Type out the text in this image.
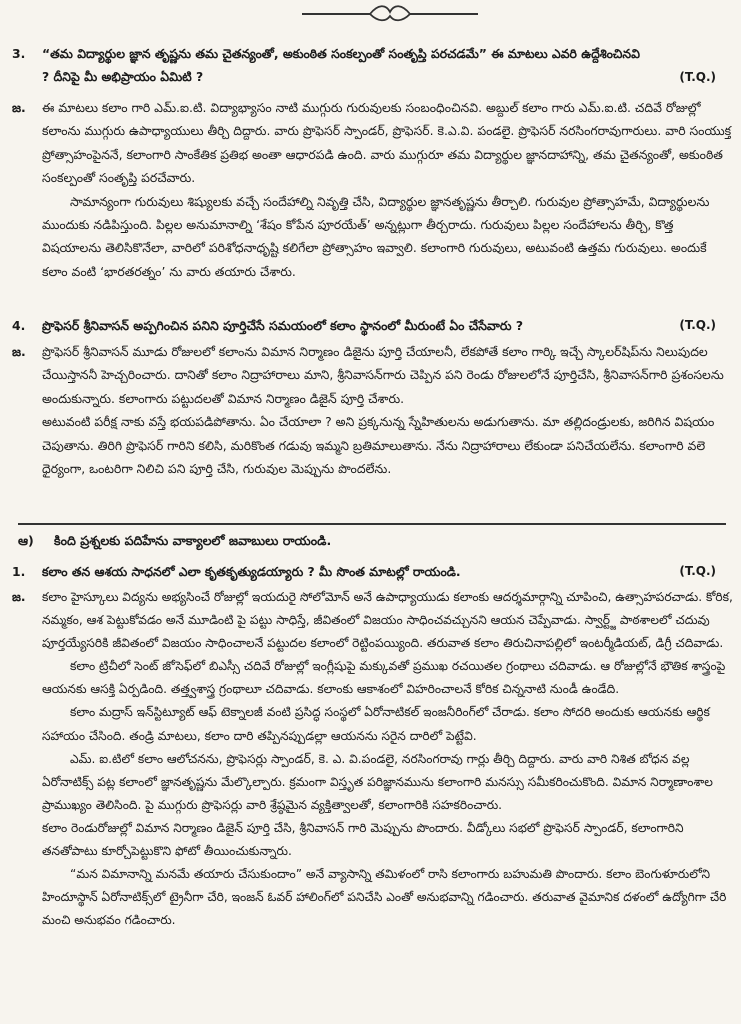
3.	“తమ విద్యార్థుల జ్ఞాన తృష్ణను తమ చైతన్యంతో, అకుంఠిత సంకల్పంతో సంతృప్తి పరచడమే” ఈ మాటలు ఎవరి ఉద్దేశించినవి ? దీనిపై మీ అభిప్రాయం ఏమిటి ?	(T.Q.)
జ.	ఈ మాటలు కలాం గారి ఎమ్.ఐ.టి. విద్యాభ్యాసం నాటి ముగ్గురు గురువులకు సంబంధించినవి. అబ్దుల్ కలాం గారు ఎమ్.ఐ.టి. చదివే రోజుల్లో కలాంను ముగ్గురు ఉపాధ్యాయులు తీర్చి దిద్దారు. వారు ప్రొఫెసర్ స్పాండర్, ప్రొఫెసర్. కె.ఎ.వి. పండలై. ప్రొఫెసర్ నరసింగరావుగారులు. వారి సంయుక్త ప్రోత్సాహంపైననే, కలాంగారి సాంకేతిక ప్రతిభ అంతా ఆధారపడి ఉంది. వారు ముగ్గురూ తమ విద్యార్థుల జ్ఞానదాహాన్ని, తమ చైతన్యంతో, అకుంఠిత సంకల్పంతో సంతృప్తి పరచేవారు.

సామాన్యంగా గురువులు శిష్యులకు వచ్చే సందేహాల్ని నివృత్తి చేసి, విద్యార్థుల జ్ఞానతృష్ణను తీర్చాలి. గురువుల ప్రోత్సాహమే, విద్యార్థులను ముందుకు నడిపిస్తుంది. పిల్లల అనుమానాల్ని ‘శేషం కోపేన పూరయేత్’ అన్నట్లుగా తీర్చరాదు. గురువులు పిల్లల సందేహాలను తీర్చి, కొత్త విషయాలను తెలిసికొనేలా, వారిలో పరిశోధనాధృష్టి కలిగేలా ప్రోత్సాహం ఇవ్వాలి. కలాంగారి గురువులు, అటువంటి ఉత్తమ గురువులు. అందుకే కలాం వంటి ‘భారతరత్నం’ ను వారు తయారు చేశారు.

4.	ప్రొఫెసర్ శ్రీనివాసన్ అప్పగించిన పనిని పూర్తిచేసే సమయంలో కలాం స్థానంలో మీరుంటే ఏం చేసేవారు ?	(T.Q.)
జ.	ప్రొఫెసర్ శ్రీనివాసన్ మూడు రోజులలో కలాంను విమాన నిర్మాణం డిజైను పూర్తి చేయాలనీ, లేకపోతే కలాం గార్కి ఇచ్చే స్కాలర్‌షిప్‌ను నిలుపుదల చేయిస్తాననీ హెచ్చరించారు. దానితో కలాం నిద్రాహారాలు మాని, శ్రీనివాసన్‌గారు చెప్పిన పని రెండు రోజులలోనే పూర్తిచేసి, శ్రీనివాసన్‌గారి ప్రశంసలను అందుకున్నారు. కలాంగారు పట్టుదలతో విమాన నిర్మాణం డిజైన్ పూర్తి చేశారు.

అటువంటి పరీక్ష నాకు వస్తే భయపడిపోతాను. ఏం చేయాలా ? అని ప్రక్కనున్న స్నేహితులను అడుగుతాను. మా తల్లిదండ్రులకు, జరిగిన విషయం చెపుతాను. తిరిగి ప్రొఫెసర్ గారిని కలిసి, మరికొంత గడువు ఇమ్మని బ్రతిమాలుతాను. నేను నిద్రాహారాలు లేకుండా పనిచేయలేను. కలాంగారి వలె ధైర్యంగా, ఒంటరిగా నిలిచి పని పూర్తి చేసి, గురువుల మెప్పును పొందలేను.

ఆ) కింది ప్రశ్నలకు పదిహేను వాక్యాలలో జవాబులు రాయండి.
1.	కలాం తన ఆశయ సాధనలో ఎలా కృతకృత్యుడయ్యారు ? మీ సొంత మాటల్లో రాయండి.	(T.Q.)
జ.	కలాం హైస్కూలు విద్యను అభ్యసించే రోజుల్లో ఇయదురై సోలోమోన్ అనే ఉపాధ్యాయుడు కలాంకు ఆదర్శమార్గాన్ని చూపించి, ఉత్సాహపరచాడు. కోరిక, నమ్మకం, ఆశ పెట్టుకోవడం అనే మూడింటి పై పట్టు సాధిస్తే, జీవితంలో విజయం సాధించవచ్చునని ఆయన చెప్పేవాడు. స్వార్ట్జ్ పాఠశాలలో చదువు పూర్తయ్యేసరికి జీవితంలో విజయం సాధించాలనే పట్టుదల కలాంలో రెట్టింపయ్యింది. తరువాత కలాం తిరుచినాపల్లిలో ఇంటర్మీడియట్, డిగ్రీ చదివాడు.

కలాం ట్రిచీలో సెంట్ జోసెఫ్‌లో బిఎస్సీ చదివే రోజుల్లో ఇంగ్లీషుపై మక్కువతో ప్రముఖ రచయితల గ్రంథాలు చదివాడు. ఆ రోజుల్లోనే భౌతిక శాస్త్రంపై ఆయనకు ఆసక్తి ఏర్పడింది. తత్త్వశాస్త్ర గ్రంథాలూ చదివాడు. కలాంకు ఆకాశంలో విహరించాలనే కోరిక చిన్ననాటి నుండీ ఉండేది.

కలాం మద్రాస్ ఇన్‌స్టిట్యూట్ ఆఫ్ టెక్నాలజీ వంటి ప్రసిద్ధ సంస్థలో ఏరోనాటికల్ ఇంజనీరింగ్‌లో చేరాడు. కలాం సోదరి అందుకు ఆయనకు ఆర్థిక సహాయం చేసింది. తండ్రి మాటలు, కలాం దారి తప్పినప్పుడల్లా ఆయనను సరైన దారిలో పెట్టేవి.

ఎమ్. ఐ.టిలో కలాం ఆలోచనను, ప్రొఫెసర్లు స్పాండర్, కె. ఎ. వి.పండలై, నరసింగరావు గార్లు తీర్చి దిద్దారు. వారు వారి నిశిత బోధన వల్ల ఏరోనాటిక్స్ పట్ల కలాంలో జ్ఞానతృష్ణను మేల్కొల్పారు. క్రమంగా విస్తృత పరిజ్ఞానమును కలాంగారి మనస్సు సమీకరించుకొంది. విమాన నిర్మాణాంశాల ప్రాముఖ్యం తెలిసింది. పై ముగ్గురు ప్రొఫెసర్లు వారి శ్రేష్ఠమైన వ్యక్తిత్వాలతో, కలాంగారికి సహకరించారు.

కలాం రెండురోజుల్లో విమాన నిర్మాణం డిజైన్ పూర్తి చేసి, శ్రీనివాసన్ గారి మెప్పును పొందారు. వీడ్కోలు సభలో ప్రొఫెసర్ స్పాండర్, కలాంగారిని తనతోపాటు కూర్చోపెట్టుకొని ఫోటో తీయించుకున్నారు.

“మన విమానాన్ని మనమే తయారు చేసుకుందాం” అనే వ్యాసాన్ని తమిళంలో రాసి కలాంగారు బహుమతి పొందారు. కలాం బెంగుళూరులోని హిందూస్థాన్ ఏరోనాటిక్స్‌లో ట్రైనీగా చేరి, ఇంజన్ ఓవర్ హాలింగ్‌లో పనిచేసి ఎంతో అనుభవాన్ని గడించారు. తరువాత వైమానిక దళంలో ఉద్యోగిగా చేరి మంచి అనుభవం గడించారు.
